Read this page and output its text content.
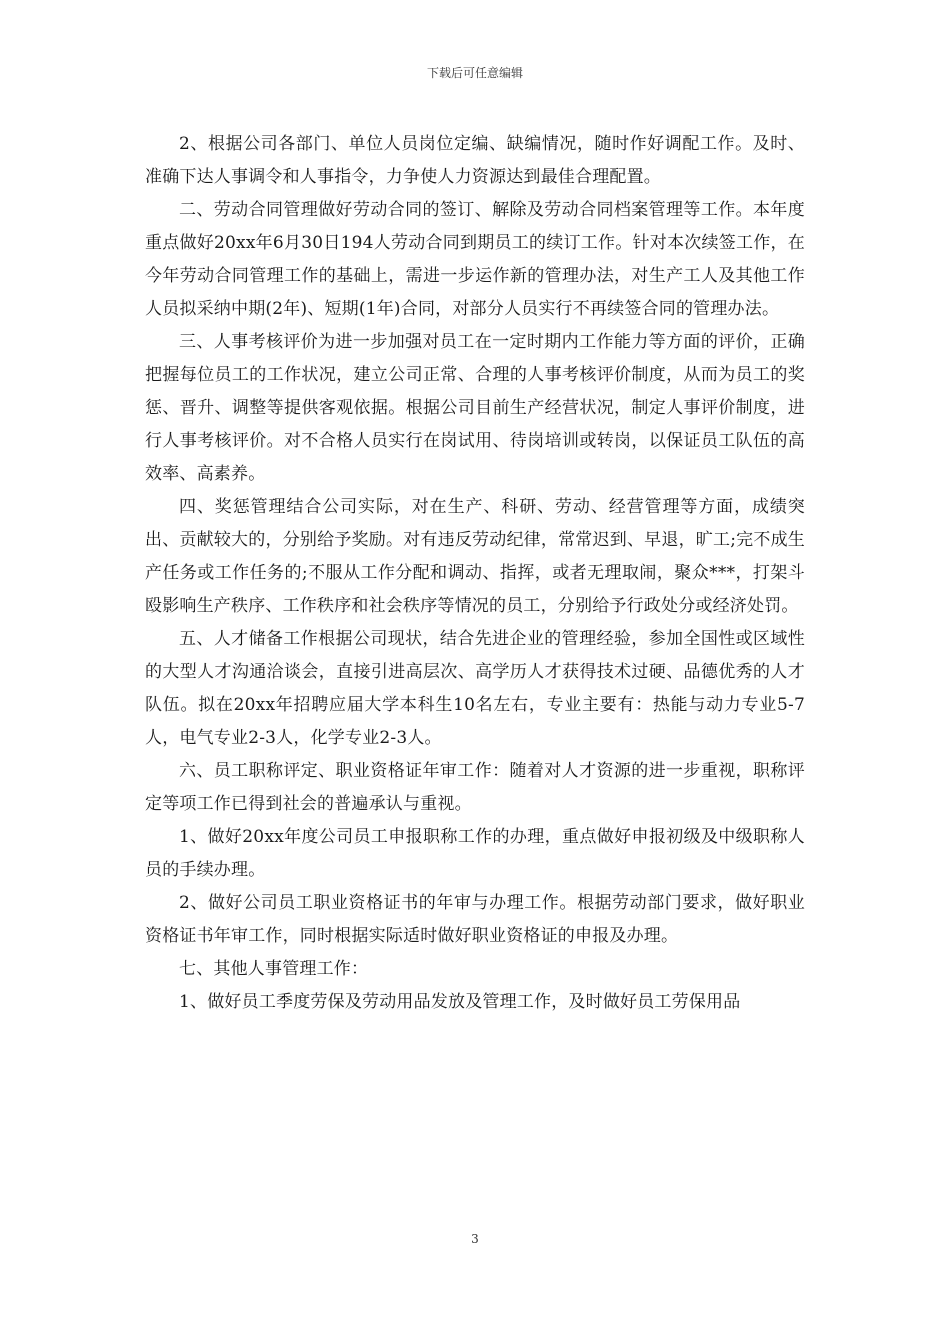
下载后可任意编辑

2、根据公司各部门、单位人员岗位定编、缺编情况，随时作好调配工作。及时、准确下达人事调令和人事指令，力争使人力资源达到最佳合理配置。

二、劳动合同管理做好劳动合同的签订、解除及劳动合同档案管理等工作。本年度重点做好20xx年6月30日194人劳动合同到期员工的续订工作。针对本次续签工作，在今年劳动合同管理工作的基础上，需进一步运作新的管理办法，对生产工人及其他工作人员拟采纳中期(2年)、短期(1年)合同，对部分人员实行不再续签合同的管理办法。

三、人事考核评价为进一步加强对员工在一定时期内工作能力等方面的评价，正确把握每位员工的工作状况，建立公司正常、合理的人事考核评价制度，从而为员工的奖惩、晋升、调整等提供客观依据。根据公司目前生产经营状况，制定人事评价制度，进行人事考核评价。对不合格人员实行在岗试用、待岗培训或转岗，以保证员工队伍的高效率、高素养。

四、奖惩管理结合公司实际，对在生产、科研、劳动、经营管理等方面，成绩突出、贡献较大的，分别给予奖励。对有违反劳动纪律，常常迟到、早退，旷工;完不成生产任务或工作任务的;不服从工作分配和调动、指挥，或者无理取闹，聚众***，打架斗殴影响生产秩序、工作秩序和社会秩序等情况的员工，分别给予行政处分或经济处罚。

五、人才储备工作根据公司现状，结合先进企业的管理经验，参加全国性或区域性的大型人才沟通洽谈会，直接引进高层次、高学历人才获得技术过硬、品德优秀的人才队伍。拟在20xx年招聘应届大学本科生10名左右，专业主要有：热能与动力专业5-7人，电气专业2-3人，化学专业2-3人。

六、员工职称评定、职业资格证年审工作：随着对人才资源的进一步重视，职称评定等项工作已得到社会的普遍承认与重视。

1、做好20xx年度公司员工申报职称工作的办理，重点做好申报初级及中级职称人员的手续办理。

2、做好公司员工职业资格证书的年审与办理工作。根据劳动部门要求，做好职业资格证书年审工作，同时根据实际适时做好职业资格证的申报及办理。

七、其他人事管理工作：

1、做好员工季度劳保及劳动用品发放及管理工作，及时做好员工劳保用品

3
